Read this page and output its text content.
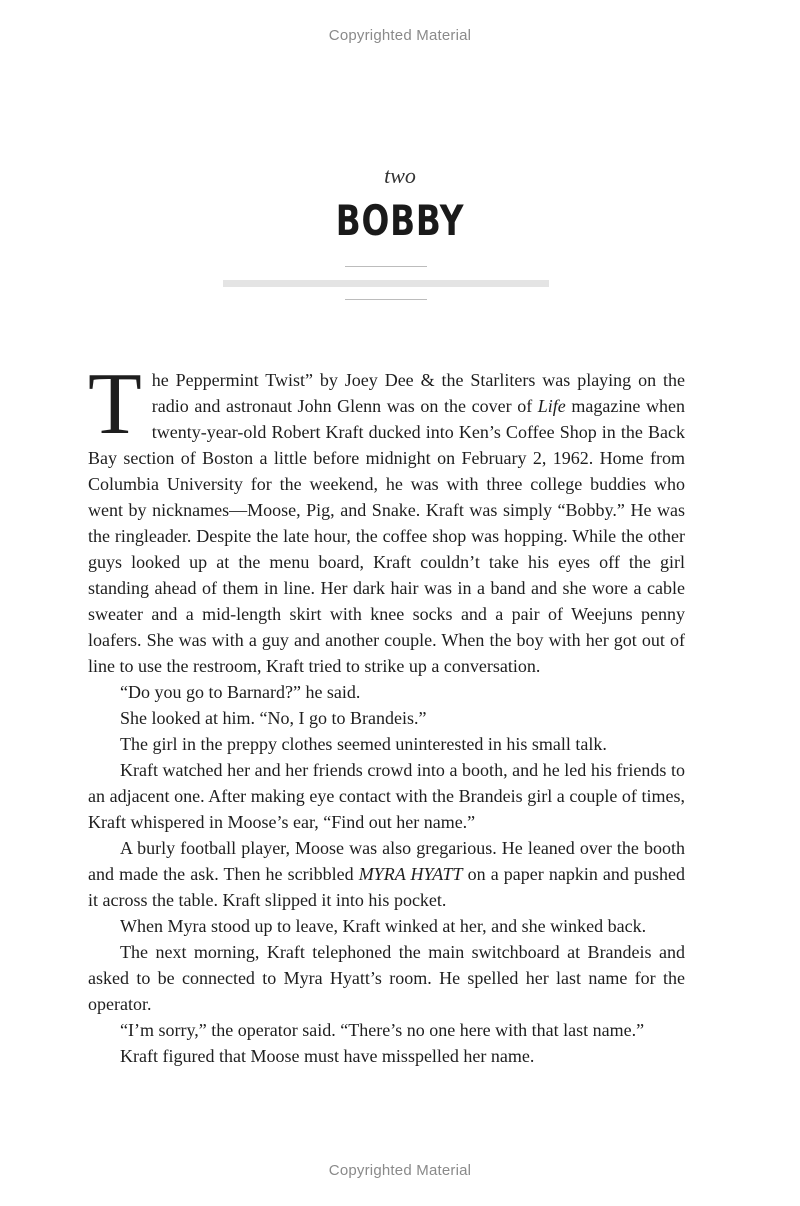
Copyrighted Material
two
BOBBY

The Peppermint Twist” by Joey Dee & the Starliters was playing on the radio and astronaut John Glenn was on the cover of Life magazine when twenty-year-old Robert Kraft ducked into Ken’s Coffee Shop in the Back Bay section of Boston a little before midnight on February 2, 1962. Home from Columbia University for the weekend, he was with three college buddies who went by nicknames—Moose, Pig, and Snake. Kraft was simply “Bobby.” He was the ringleader. Despite the late hour, the coffee shop was hopping. While the other guys looked up at the menu board, Kraft couldn’t take his eyes off the girl standing ahead of them in line. Her dark hair was in a band and she wore a cable sweater and a mid-length skirt with knee socks and a pair of Weejuns penny loafers. She was with a guy and another couple. When the boy with her got out of line to use the restroom, Kraft tried to strike up a conversation.

“Do you go to Barnard?” he said.

She looked at him. “No, I go to Brandeis.”

The girl in the preppy clothes seemed uninterested in his small talk.

Kraft watched her and her friends crowd into a booth, and he led his friends to an adjacent one. After making eye contact with the Brandeis girl a couple of times, Kraft whispered in Moose’s ear, “Find out her name.”

A burly football player, Moose was also gregarious. He leaned over the booth and made the ask. Then he scribbled MYRA HYATT on a paper napkin and pushed it across the table. Kraft slipped it into his pocket.

When Myra stood up to leave, Kraft winked at her, and she winked back.

The next morning, Kraft telephoned the main switchboard at Brandeis and asked to be connected to Myra Hyatt’s room. He spelled her last name for the operator.

“I’m sorry,” the operator said. “There’s no one here with that last name.”

Kraft figured that Moose must have misspelled her name.

Copyrighted Material
